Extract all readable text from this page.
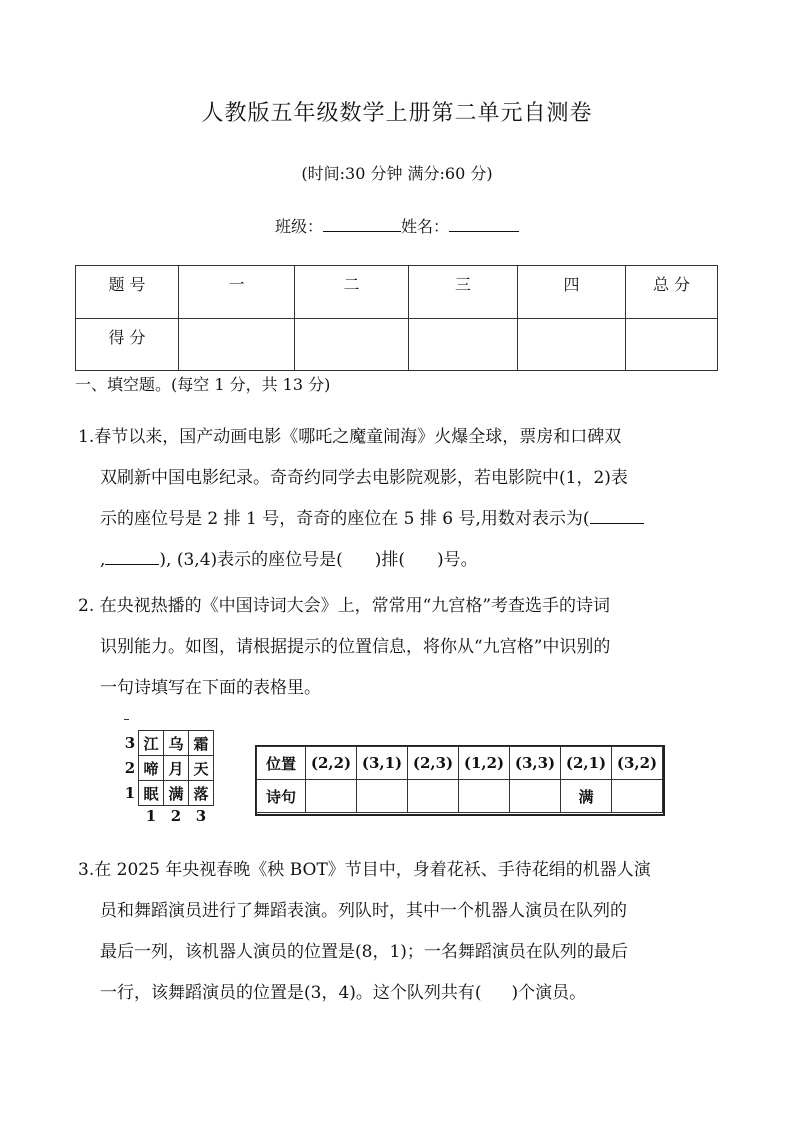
人教版五年级数学上册第二单元自测卷
(时间:30 分钟 满分:60 分)
班级：	姓名：
题 号	一	二	三	四	总 分
得 分					
一、填空题。(每空 1 分，共 13 分)
1.春节以来，国产动画电影《哪吒之魔童闹海》火爆全球，票房和口碑双
双刷新中国电影纪录。奇奇约同学去电影院观影，若电影院中(1，2)表
示的座位号是 2 排 1 号，奇奇的座位在 5 排 6 号,用数对表示为(
,	), (3,4)表示的座位号是( )排( )号。
2. 在央视热播的《中国诗词大会》上，常常用“九宫格”考查选手的诗词
识别能力。如图，请根据提示的位置信息，将你从“九宫格”中识别的
一句诗填写在下面的表格里。
3	江	乌	霜
2	啼	月	天
1	眠	满	落
	1	2	3
位置	(2,2)	(3,1)	(2,3)	(1,2)	(3,3)	(2,1)	(3,2)
诗句						满	
3.在 2025 年央视春晚《秧 BOT》节目中，身着花袄、手待花绢的机器人演
员和舞蹈演员进行了舞蹈表演。列队时，其中一个机器人演员在队列的
最后一列，该机器人演员的位置是(8，1)；一名舞蹈演员在队列的最后
一行，该舞蹈演员的位置是(3，4)。这个队列共有( )个演员。
